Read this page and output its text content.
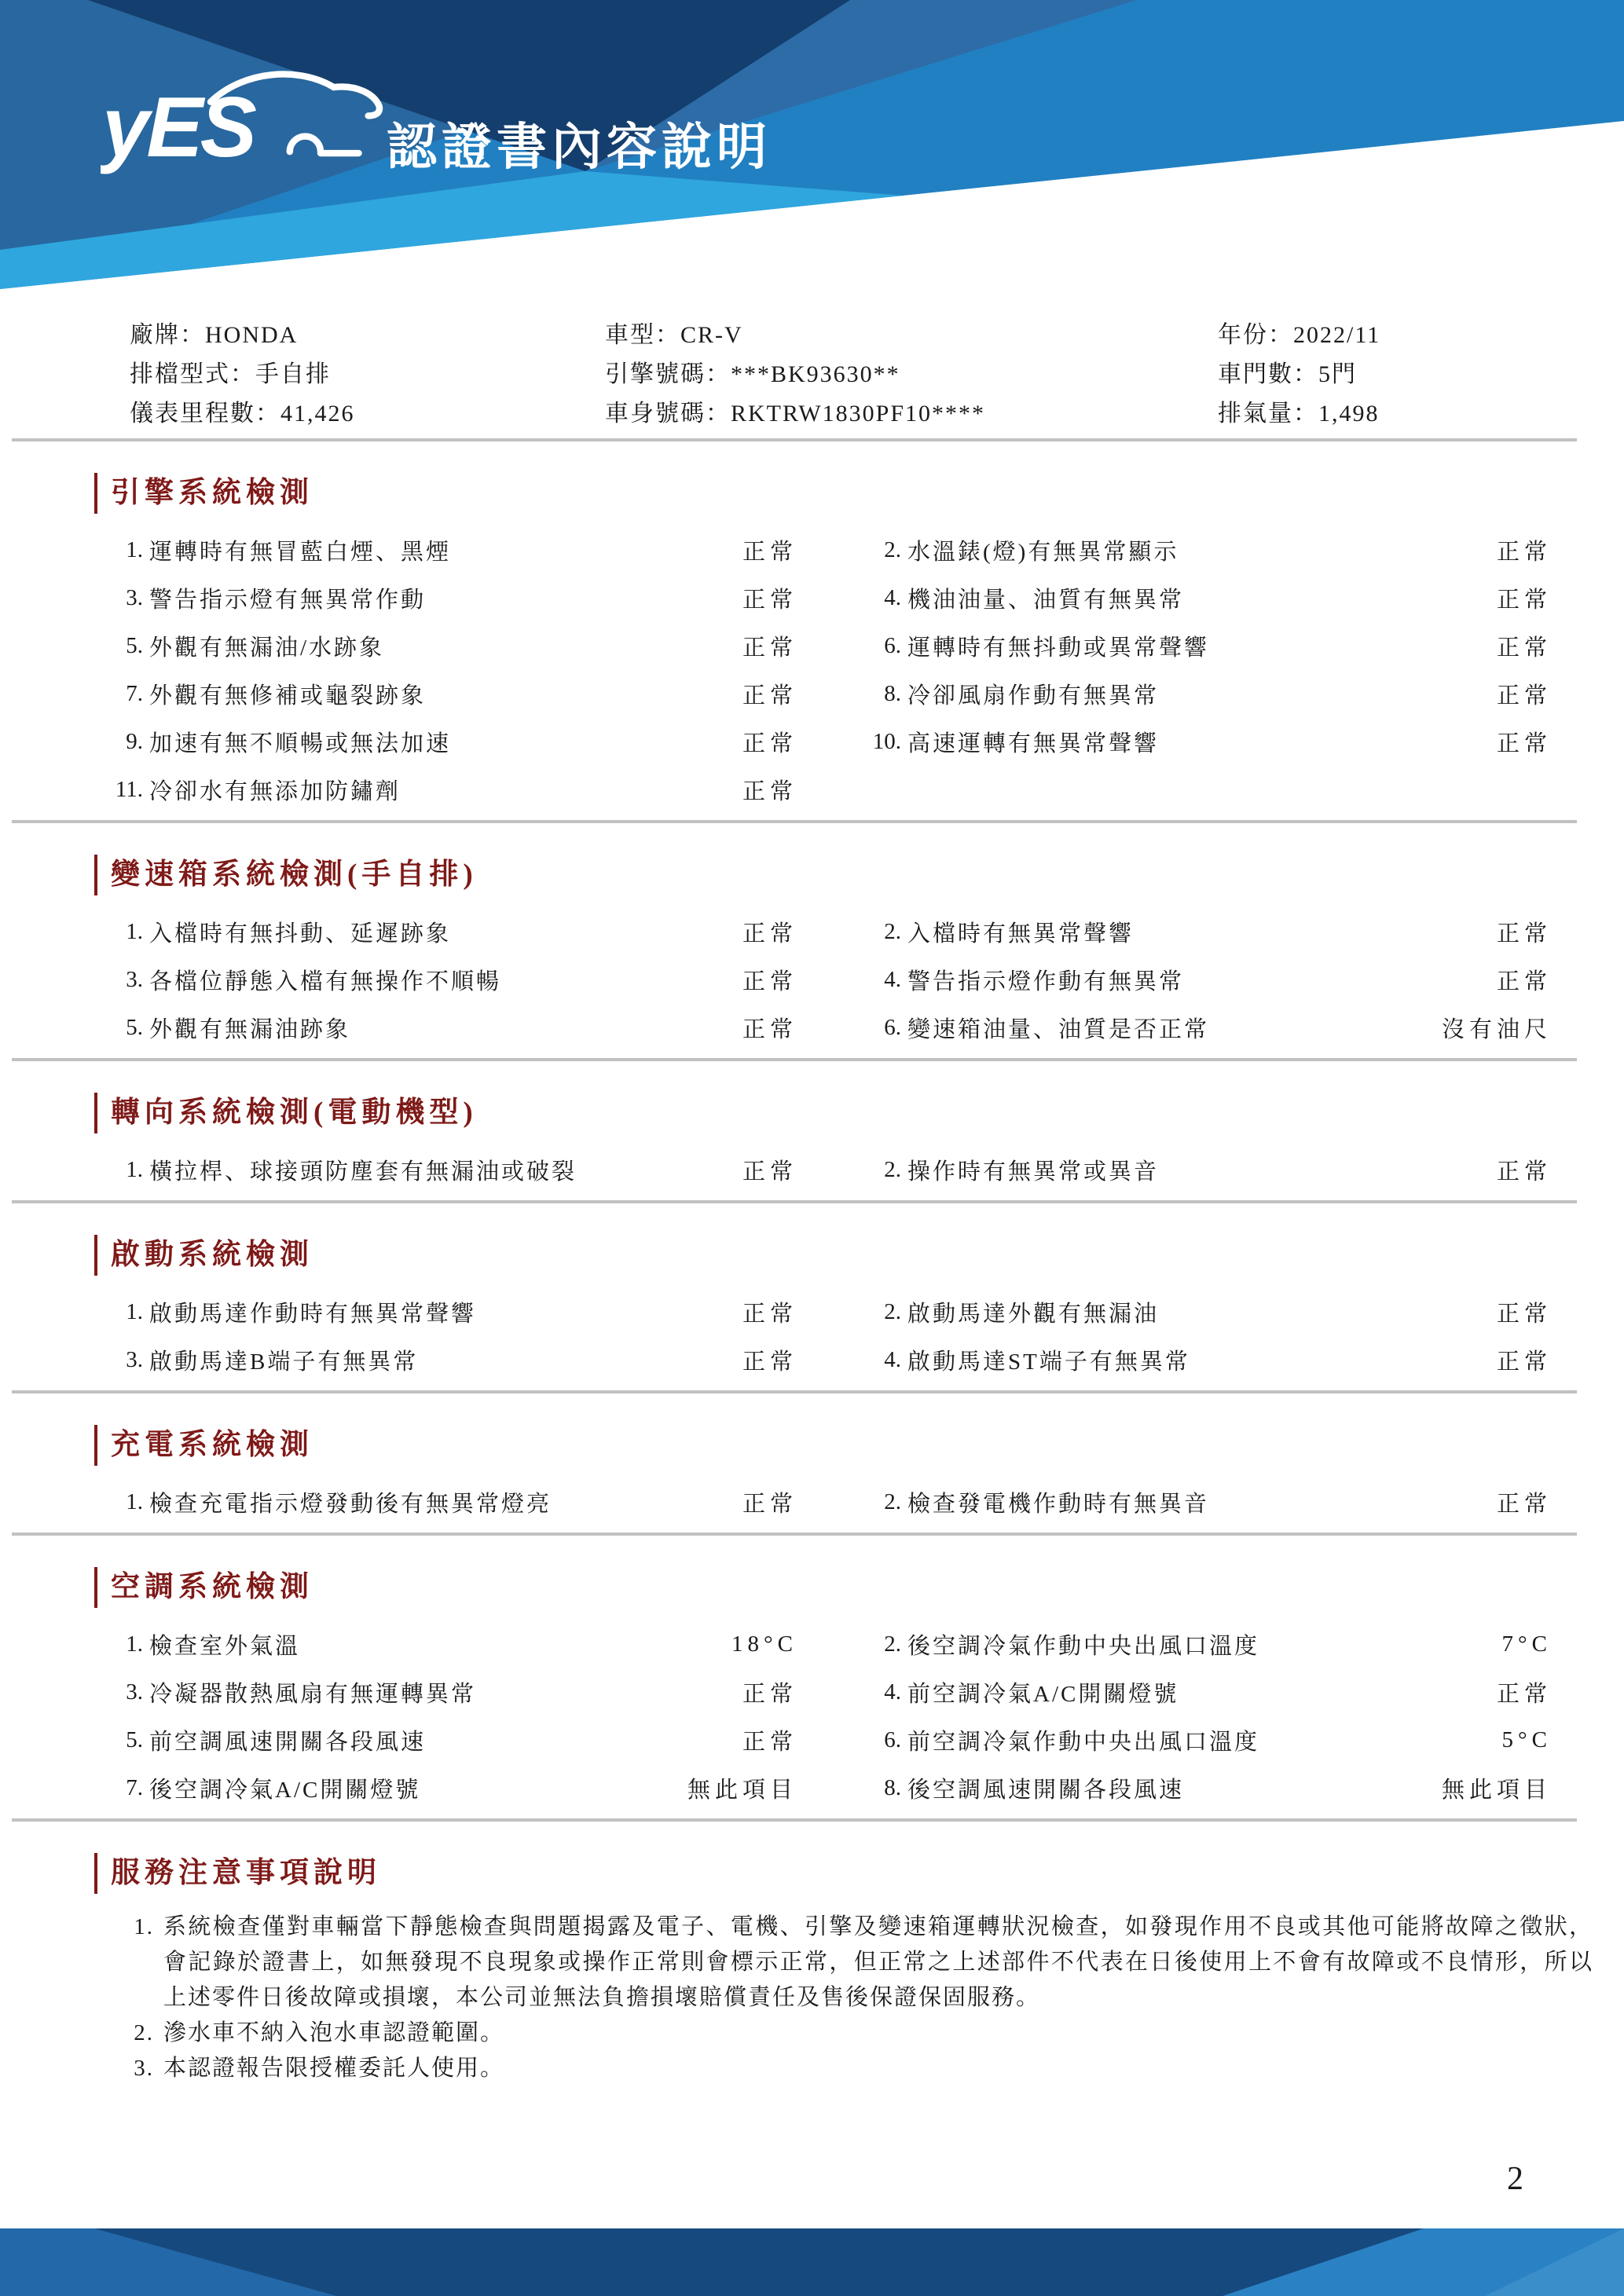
yES	認證書內容說明
廠牌：HONDA	車型：CR-V	年份：2022/11
排檔型式：手自排	引擎號碼：***BK93630**	車門數：5門
儀表里程數：41,426	車身號碼：RKTRW1830PF10****	排氣量：1,498
引擎系統檢測
1. 運轉時有無冒藍白煙、黑煙	正常	2. 水溫錶(燈)有無異常顯示	正常
3. 警告指示燈有無異常作動	正常	4. 機油油量、油質有無異常	正常
5. 外觀有無漏油/水跡象	正常	6. 運轉時有無抖動或異常聲響	正常
7. 外觀有無修補或龜裂跡象	正常	8. 冷卻風扇作動有無異常	正常
9. 加速有無不順暢或無法加速	正常	10. 高速運轉有無異常聲響	正常
11. 冷卻水有無添加防鏽劑	正常
變速箱系統檢測(手自排)
1. 入檔時有無抖動、延遲跡象	正常	2. 入檔時有無異常聲響	正常
3. 各檔位靜態入檔有無操作不順暢	正常	4. 警告指示燈作動有無異常	正常
5. 外觀有無漏油跡象	正常	6. 變速箱油量、油質是否正常	沒有油尺
轉向系統檢測(電動機型)
1. 橫拉桿、球接頭防塵套有無漏油或破裂	正常	2. 操作時有無異常或異音	正常
啟動系統檢測
1. 啟動馬達作動時有無異常聲響	正常	2. 啟動馬達外觀有無漏油	正常
3. 啟動馬達B端子有無異常	正常	4. 啟動馬達ST端子有無異常	正常
充電系統檢測
1. 檢查充電指示燈發動後有無異常燈亮	正常	2. 檢查發電機作動時有無異音	正常
空調系統檢測
1. 檢查室外氣溫	18°C	2. 後空調冷氣作動中央出風口溫度	7°C
3. 冷凝器散熱風扇有無運轉異常	正常	4. 前空調冷氣A/C開關燈號	正常
5. 前空調風速開關各段風速	正常	6. 前空調冷氣作動中央出風口溫度	5°C
7. 後空調冷氣A/C開關燈號	無此項目	8. 後空調風速開關各段風速	無此項目
服務注意事項說明
1. 系統檢查僅對車輛當下靜態檢查與問題揭露及電子、電機、引擎及變速箱運轉狀況檢查，如發現作用不良或其他可能將故障之徵狀，會記錄於證書上，如無發現不良現象或操作正常則會標示正常，但正常之上述部件不代表在日後使用上不會有故障或不良情形，所以上述零件日後故障或損壞，本公司並無法負擔損壞賠償責任及售後保證保固服務。
2. 滲水車不納入泡水車認證範圍。
3. 本認證報告限授權委託人使用。
2
